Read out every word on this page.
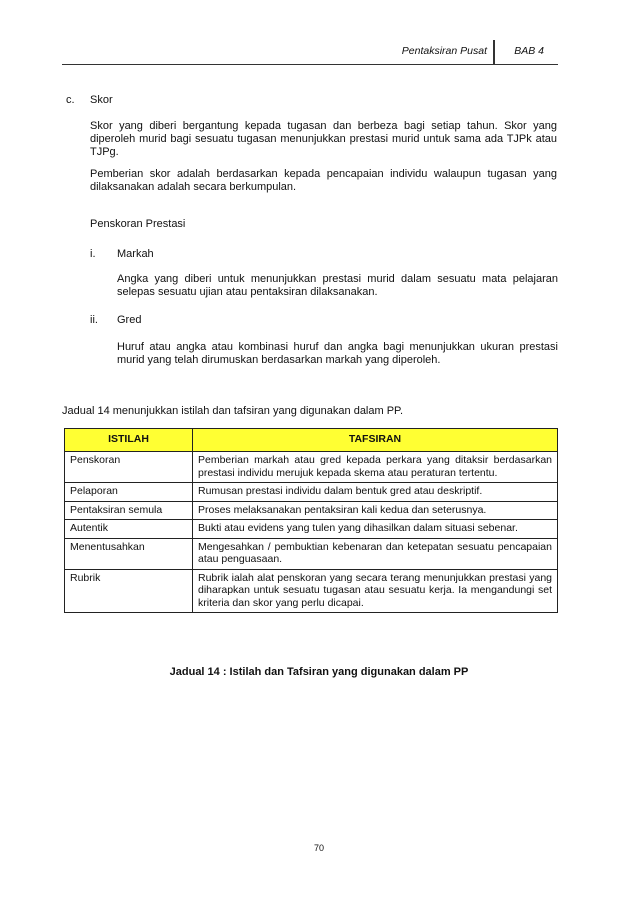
Pentaksiran Pusat	BAB 4
c. Skor
Skor yang diberi bergantung kepada tugasan dan berbeza bagi setiap tahun. Skor yang diperoleh murid bagi sesuatu tugasan menunjukkan prestasi murid untuk sama ada TJPk atau TJPg.
Pemberian skor adalah berdasarkan kepada pencapaian individu walaupun tugasan yang dilaksanakan adalah secara berkumpulan.
Penskoran Prestasi
i. Markah
Angka yang diberi untuk menunjukkan prestasi murid dalam sesuatu mata pelajaran selepas sesuatu ujian atau pentaksiran dilaksanakan.
ii. Gred
Huruf atau angka atau kombinasi huruf dan angka bagi menunjukkan ukuran prestasi murid yang telah dirumuskan berdasarkan markah yang diperoleh.
Jadual 14 menunjukkan istilah dan tafsiran yang digunakan dalam PP.
ISTILAH	TAFSIRAN
Penskoran	Pemberian markah atau gred kepada perkara yang ditaksir berdasarkan prestasi individu merujuk kepada skema atau peraturan tertentu.
Pelaporan	Rumusan prestasi individu dalam bentuk gred atau deskriptif.
Pentaksiran semula	Proses melaksanakan pentaksiran kali kedua dan seterusnya.
Autentik	Bukti atau evidens yang tulen yang dihasilkan dalam situasi sebenar.
Menentusahkan	Mengesahkan / pembuktian kebenaran dan ketepatan sesuatu pencapaian atau penguasaan.
Rubrik	Rubrik ialah alat penskoran yang secara terang menunjukkan prestasi yang diharapkan untuk sesuatu tugasan atau sesuatu kerja. Ia mengandungi set kriteria dan skor yang perlu dicapai.
Jadual 14 : Istilah dan Tafsiran yang digunakan dalam PP
70
